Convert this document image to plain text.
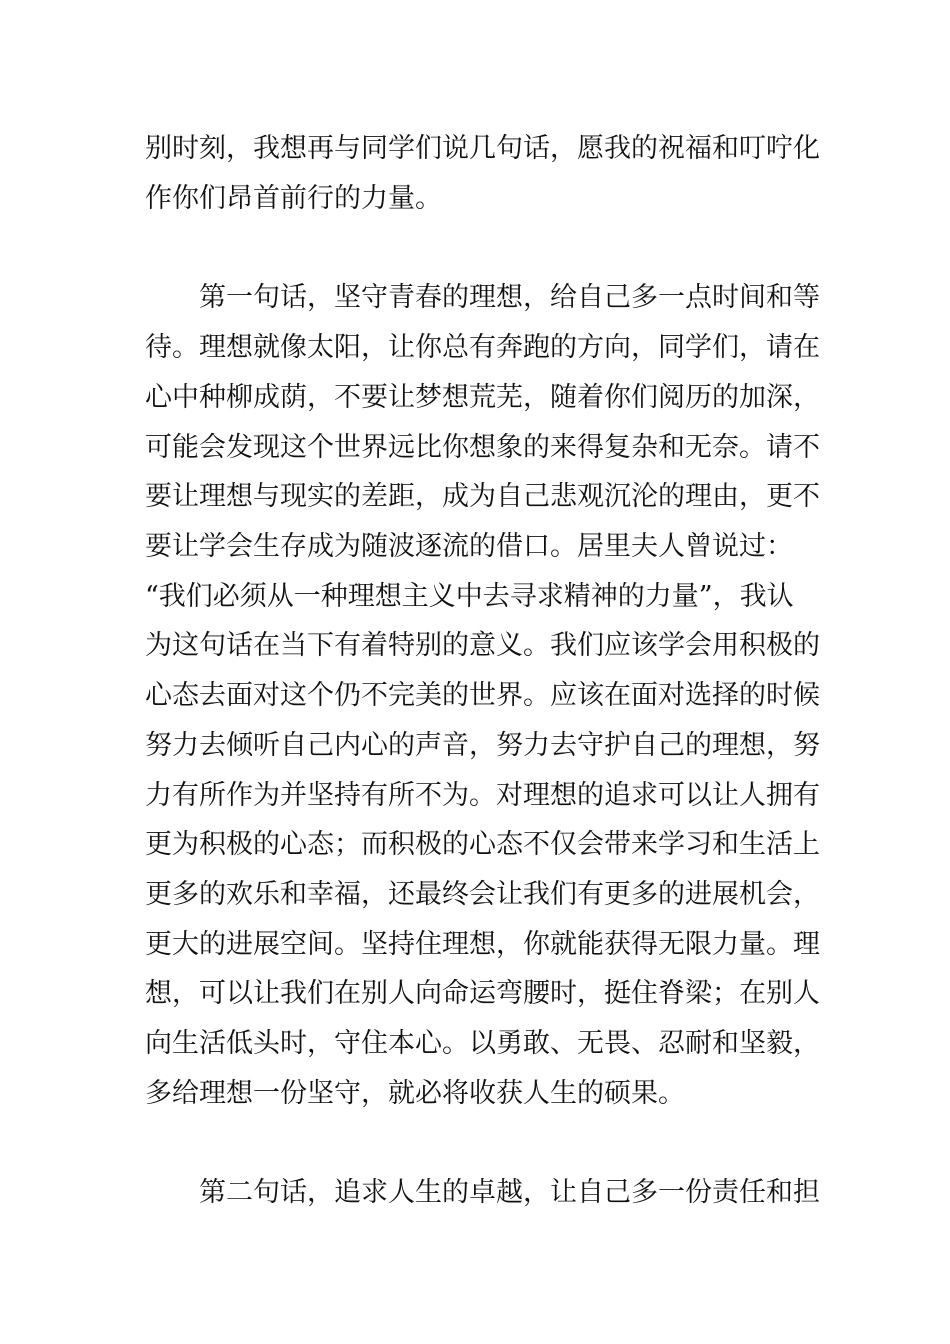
别时刻，我想再与同学们说几句话，愿我的祝福和叮咛化

作你们昂首前行的力量。

第一句话，坚守青春的理想，给自己多一点时间和等

待。理想就像太阳，让你总有奔跑的方向，同学们，请在

心中种柳成荫，不要让梦想荒芜，随着你们阅历的加深，

可能会发现这个世界远比你想象的来得复杂和无奈。请不

要让理想与现实的差距，成为自己悲观沉沦的理由，更不

要让学会生存成为随波逐流的借口。居里夫人曾说过：

“我们必须从一种理想主义中去寻求精神的力量”，我认

为这句话在当下有着特别的意义。我们应该学会用积极的

心态去面对这个仍不完美的世界。应该在面对选择的时候

努力去倾听自己内心的声音，努力去守护自己的理想，努

力有所作为并坚持有所不为。对理想的追求可以让人拥有

更为积极的心态；而积极的心态不仅会带来学习和生活上

更多的欢乐和幸福，还最终会让我们有更多的进展机会，

更大的进展空间。坚持住理想，你就能获得无限力量。理

想，可以让我们在别人向命运弯腰时，挺住脊梁；在别人

向生活低头时，守住本心。以勇敢、无畏、忍耐和坚毅，

多给理想一份坚守，就必将收获人生的硕果。

第二句话，追求人生的卓越，让自己多一份责任和担
